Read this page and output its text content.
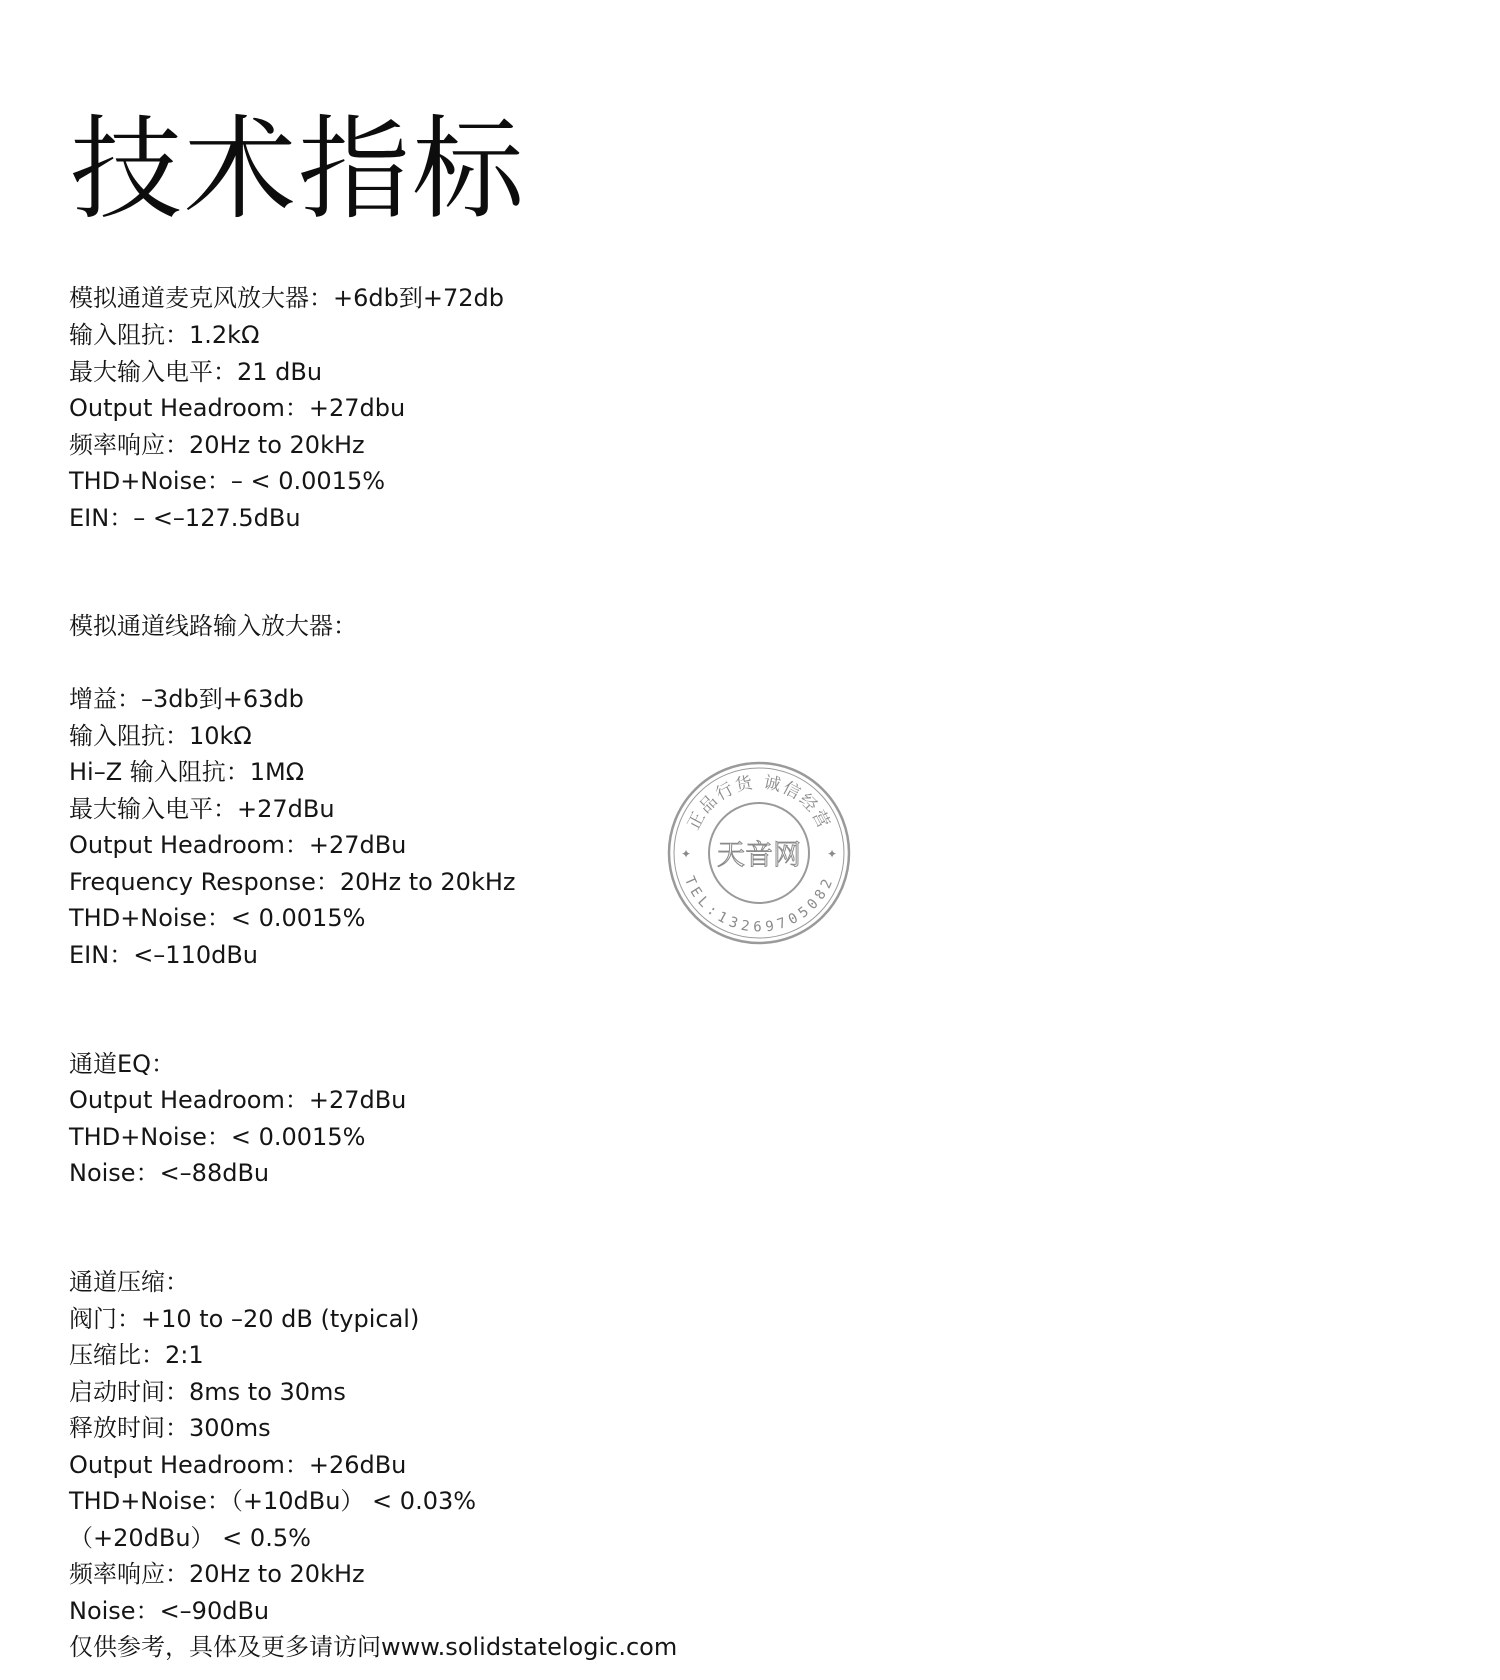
技术指标
模拟通道麦克风放大器：+6db到+72db
输入阻抗：1.2kΩ
最大输入电平：21 dBu
Output Headroom：+27dbu
频率响应：20Hz to 20kHz
THD+Noise：– < 0.0015%
EIN：– <–127.5dBu
模拟通道线路输入放大器：
增益：–3db到+63db
输入阻抗：10kΩ
Hi–Z 输入阻抗：1MΩ
最大输入电平：+27dBu
Output Headroom：+27dBu
Frequency Response：20Hz to 20kHz
THD+Noise：< 0.0015%
EIN：<–110dBu
通道EQ：
Output Headroom：+27dBu
THD+Noise：< 0.0015%
Noise：<–88dBu
通道压缩：
阀门：+10 to –20 dB (typical)
压缩比：2:1
启动时间：8ms to 30ms
释放时间：300ms
Output Headroom：+26dBu
THD+Noise：（+10dBu） < 0.03%
（+20dBu） < 0.5%
频率响应：20Hz to 20kHz
Noise：<–90dBu
仅供参考，具体及更多请访问www.solidstatelogic.com
正品行货 诚信经营
TEL:13269705082
✦	✦
天音网
